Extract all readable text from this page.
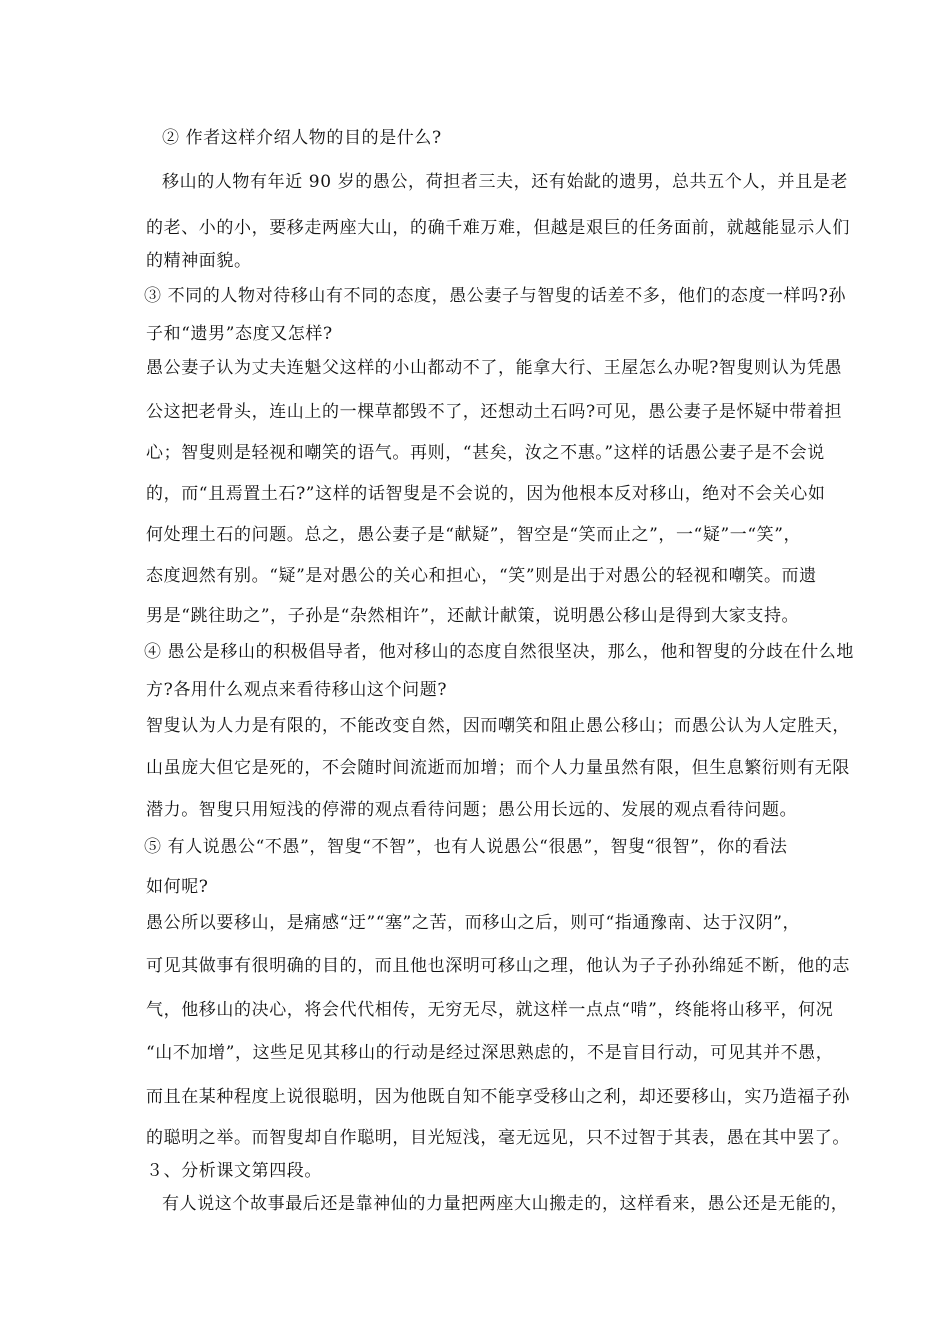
② 作者这样介绍人物的目的是什么?
移山的人物有年近 90 岁的愚公，荷担者三夫，还有始龀的遗男，总共五个人，并且是老
的老、小的小，要移走两座大山，的确千难万难，但越是艰巨的任务面前，就越能显示人们
的精神面貌。
③ 不同的人物对待移山有不同的态度，愚公妻子与智叟的话差不多，他们的态度一样吗?孙
子和“遗男”态度又怎样?
愚公妻子认为丈夫连魁父这样的小山都动不了，能拿大行、王屋怎么办呢?智叟则认为凭愚
公这把老骨头，连山上的一棵草都毁不了，还想动土石吗?可见，愚公妻子是怀疑中带着担
心；智叟则是轻视和嘲笑的语气。再则，“甚矣，汝之不惠。”这样的话愚公妻子是不会说
的，而“且焉置土石?”这样的话智叟是不会说的，因为他根本反对移山，绝对不会关心如
何处理土石的问题。总之，愚公妻子是“献疑”，智空是“笑而止之”，一“疑”一“笑”，
态度迥然有别。“疑”是对愚公的关心和担心，“笑”则是出于对愚公的轻视和嘲笑。而遗
男是“跳往助之”，子孙是“杂然相许”，还献计献策，说明愚公移山是得到大家支持。
④ 愚公是移山的积极倡导者，他对移山的态度自然很坚决，那么，他和智叟的分歧在什么地
方?各用什么观点来看待移山这个问题?
智叟认为人力是有限的，不能改变自然，因而嘲笑和阻止愚公移山；而愚公认为人定胜天，
山虽庞大但它是死的，不会随时间流逝而加增；而个人力量虽然有限，但生息繁衍则有无限
潜力。智叟只用短浅的停滞的观点看待问题；愚公用长远的、发展的观点看待问题。
⑤ 有人说愚公“不愚”，智叟“不智”，也有人说愚公“很愚”，智叟“很智”，你的看法
如何呢?
愚公所以要移山，是痛感“迂”“塞”之苦，而移山之后，则可“指通豫南、达于汉阴”，
可见其做事有很明确的目的，而且他也深明可移山之理，他认为子子孙孙绵延不断，他的志
气，他移山的决心，将会代代相传，无穷无尽，就这样一点点“啃”，终能将山移平，何况
“山不加增”，这些足见其移山的行动是经过深思熟虑的，不是盲目行动，可见其并不愚，
而且在某种程度上说很聪明，因为他既自知不能享受移山之利，却还要移山，实乃造福子孙
的聪明之举。而智叟却自作聪明，目光短浅，毫无远见，只不过智于其表，愚在其中罢了。
３、分析课文第四段。
有人说这个故事最后还是靠神仙的力量把两座大山搬走的，这样看来，愚公还是无能的，
